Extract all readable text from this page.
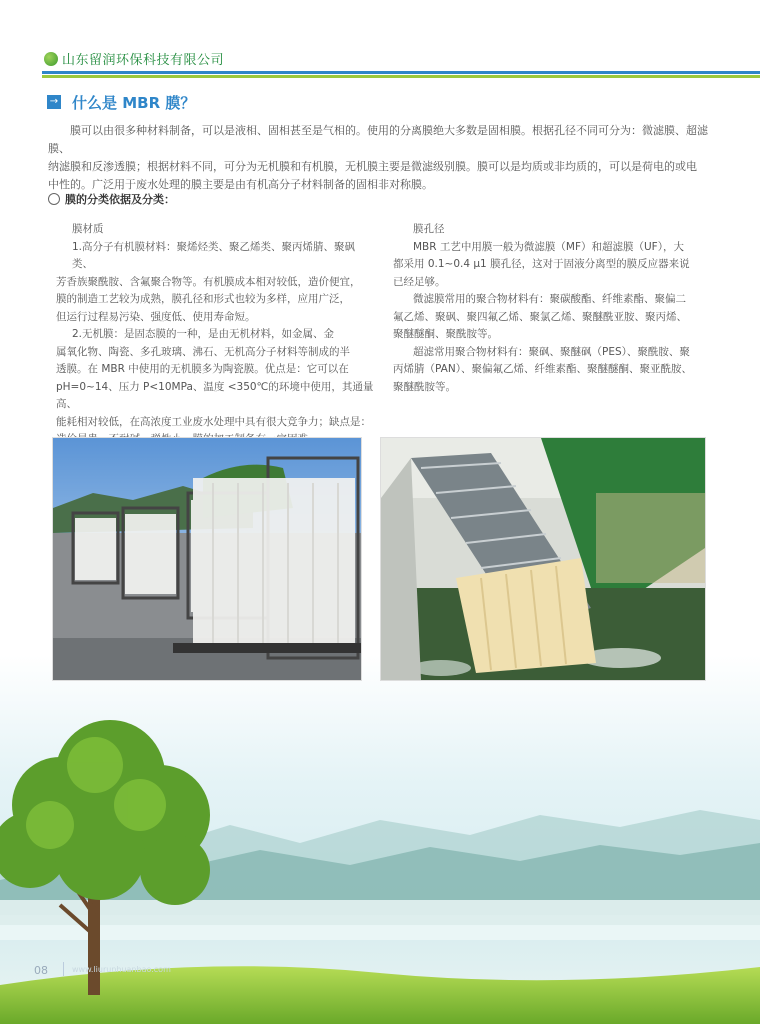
山东留润环保科技有限公司
→ 什么是 MBR 膜？

膜可以由很多种材料制备，可以是液相、固相甚至是气相的。使用的分离膜绝大多数是固相膜。根据孔径不同可分为：微滤膜、超滤膜、

纳滤膜和反渗透膜；根据材料不同，可分为无机膜和有机膜，无机膜主要是微滤级别膜。膜可以是均质或非均质的，可以是荷电的或电

中性的。广泛用于废水处理的膜主要是由有机高分子材料制备的固相非对称膜。

膜的分类依据及分类：

膜材质

1.高分子有机膜材料：聚烯烃类、聚乙烯类、聚丙烯腈、聚砜类、

芳香族聚酰胺、含氟聚合物等。有机膜成本相对较低，造价便宜，

膜的制造工艺较为成熟，膜孔径和形式也较为多样，应用广泛，

但运行过程易污染、强度低、使用寿命短。

2.无机膜：是固态膜的一种，是由无机材料，如金属、金

属氧化物、陶瓷、多孔玻璃、沸石、无机高分子材料等制成的半

透膜。在 MBR 中使用的无机膜多为陶瓷膜。优点是：它可以在

pH=0~14、压力 P<10MPa、温度 <350℃的环境中使用，其通量高、

能耗相对较低，在高浓度工业废水处理中具有很大竞争力；缺点是：

膜孔径

MBR 工艺中用膜一般为微滤膜（MF）和超滤膜（UF），大

都采用 0.1~0.4 μ1 膜孔径，这对于固液分离型的膜反应器来说

已经足够。

微滤膜常用的聚合物材料有：聚碳酸酯、纤维素酯、聚偏二

氟乙烯、聚砜、聚四氟乙烯、聚氯乙烯、聚醚酰亚胺、聚丙烯、

聚醚醚酮、聚酰胺等。

超滤常用聚合物材料有：聚砜、聚醚砜（PES）、聚酰胺、聚

丙烯腈（PAN）、聚偏氟乙烯、纤维素酯、聚醚醚酮、聚亚酰胺、

聚醚酰胺等。

08	www.liurunhuanbao.com
